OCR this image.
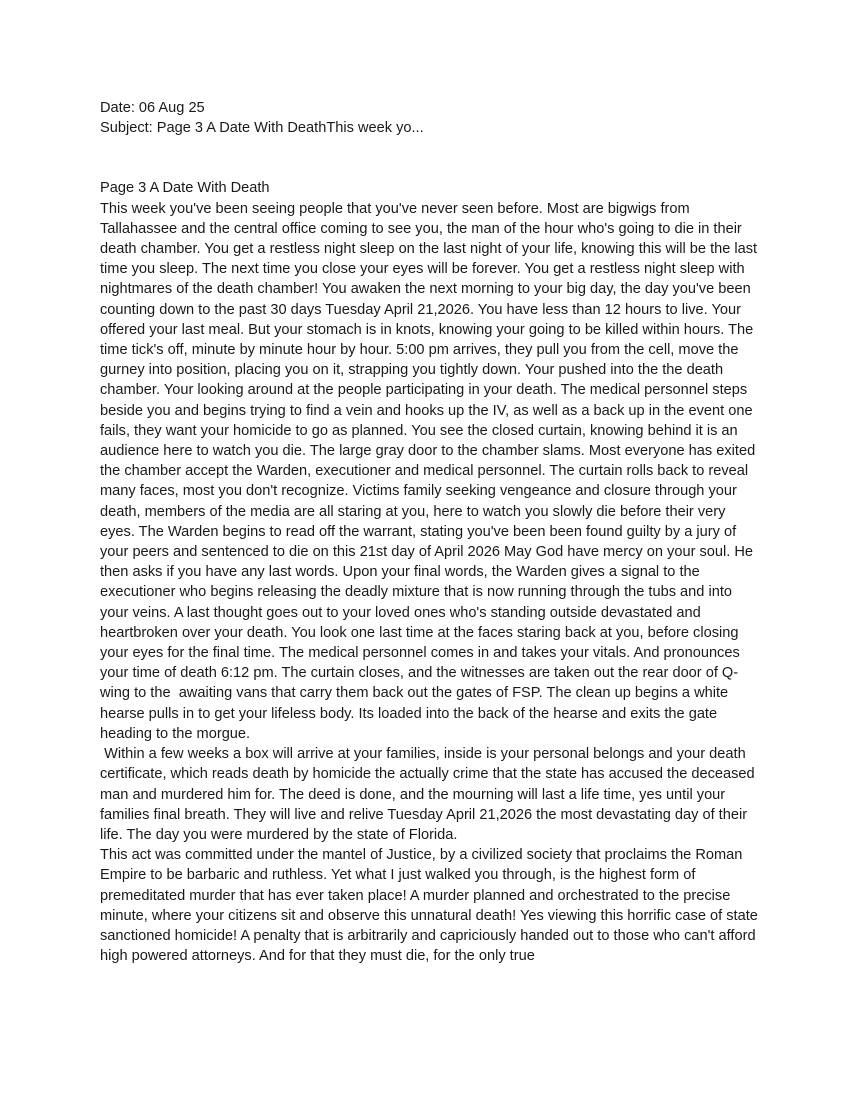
Date: 06 Aug 25

Subject: Page 3 A Date With DeathThis week yo...

Page 3 A Date With Death

This week you've been seeing people that you've never seen before. Most are bigwigs from Tallahassee and the central office coming to see you, the man of the hour who's going to die in their death chamber. You get a restless night sleep on the last night of your life, knowing this will be the last time you sleep. The next time you close your eyes will be forever. You get a restless night sleep with nightmares of the death chamber! You awaken the next morning to your big day, the day you've been counting down to the past 30 days Tuesday April 21,2026. You have less than 12 hours to live. Your offered your last meal. But your stomach is in knots, knowing your going to be killed within hours. The time tick's off, minute by minute hour by hour. 5:00 pm arrives, they pull you from the cell, move the gurney into position, placing you on it, strapping you tightly down. Your pushed into the the death chamber. Your looking around at the people participating in your death. The medical personnel steps beside you and begins trying to find a vein and hooks up the IV, as well as a back up in the event one fails, they want your homicide to go as planned. You see the closed curtain, knowing behind it is an audience here to watch you die. The large gray door to the chamber slams. Most everyone has exited the chamber accept the Warden, executioner and medical personnel. The curtain rolls back to reveal many faces, most you don't recognize. Victims family seeking vengeance and closure through your death, members of the media are all staring at you, here to watch you slowly die before their very eyes. The Warden begins to read off the warrant, stating you've been been found guilty by a jury of your peers and sentenced to die on this 21st day of April 2026 May God have mercy on your soul. He then asks if you have any last words. Upon your final words, the Warden gives a signal to the executioner who begins releasing the deadly mixture that is now running through the tubs and into your veins. A last thought goes out to your loved ones who's standing outside devastated and heartbroken over your death. You look one last time at the faces staring back at you, before closing your eyes for the final time. The medical personnel comes in and takes your vitals. And pronounces your time of death 6:12 pm. The curtain closes, and the witnesses are taken out the rear door of Q- wing to the  awaiting vans that carry them back out the gates of FSP. The clean up begins a white hearse pulls in to get your lifeless body. Its loaded into the back of the hearse and exits the gate heading to the morgue.

Within a few weeks a box will arrive at your families, inside is your personal belongs and your death certificate, which reads death by homicide the actually crime that the state has accused the deceased man and murdered him for. The deed is done, and the mourning will last a life time, yes until your families final breath. They will live and relive Tuesday April 21,2026 the most devastating day of their life. The day you were murdered by the state of Florida.

This act was committed under the mantel of Justice, by a civilized society that proclaims the Roman Empire to be barbaric and ruthless. Yet what I just walked you through, is the highest form of premeditated murder that has ever taken place! A murder planned and orchestrated to the precise minute, where your citizens sit and observe this unnatural death! Yes viewing this horrific case of state sanctioned homicide! A penalty that is arbitrarily and capriciously handed out to those who can't afford high powered attorneys. And for that they must die, for the only true
